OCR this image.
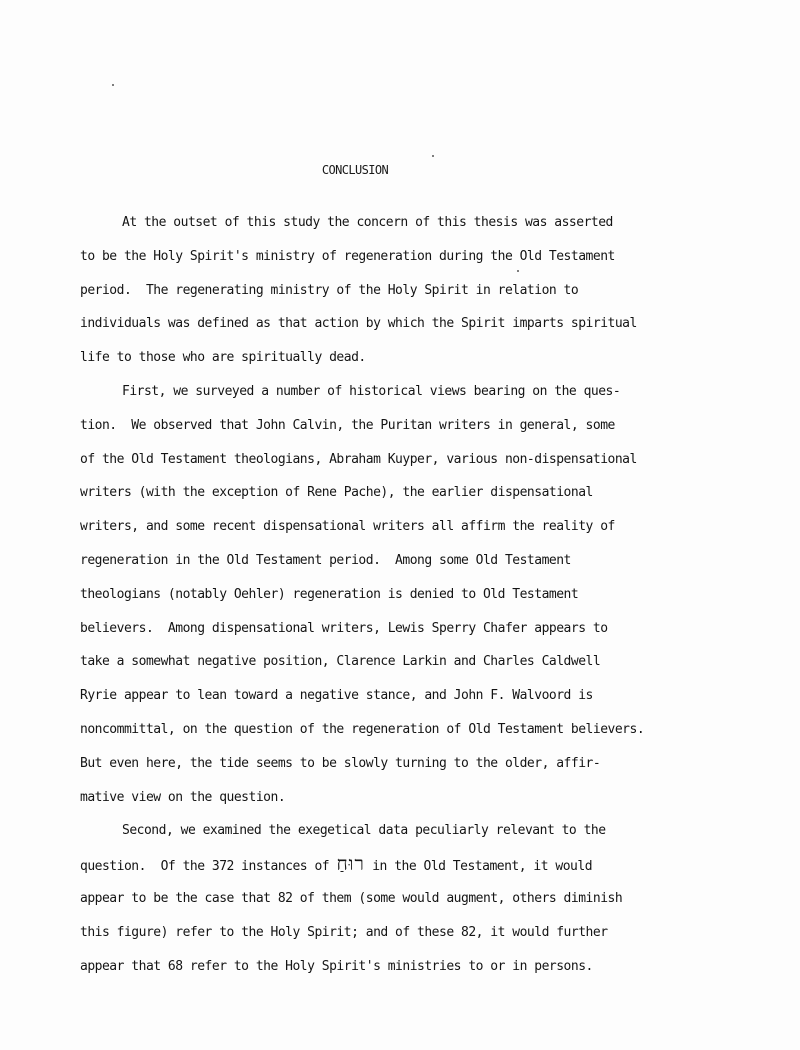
CONCLUSION
At the outset of this study the concern of this thesis was asserted
to be the Holy Spirit's ministry of regeneration during the Old Testament
period.  The regenerating ministry of the Holy Spirit in relation to
individuals was defined as that action by which the Spirit imparts spiritual
life to those who are spiritually dead.
First, we surveyed a number of historical views bearing on the ques-
tion.  We observed that John Calvin, the Puritan writers in general, some
of the Old Testament theologians, Abraham Kuyper, various non-dispensational
writers (with the exception of Rene Pache), the earlier dispensational
writers, and some recent dispensational writers all affirm the reality of
regeneration in the Old Testament period.  Among some Old Testament
theologians (notably Oehler) regeneration is denied to Old Testament
believers.  Among dispensational writers, Lewis Sperry Chafer appears to
take a somewhat negative position, Clarence Larkin and Charles Caldwell
Ryrie appear to lean toward a negative stance, and John F. Walvoord is
noncommittal, on the question of the regeneration of Old Testament believers.
But even here, the tide seems to be slowly turning to the older, affir-
mative view on the question.
Second, we examined the exegetical data peculiarly relevant to the
question.  Of the 372 instances of רוּחַ in the Old Testament, it would
appear to be the case that 82 of them (some would augment, others diminish
this figure) refer to the Holy Spirit; and of these 82, it would further
appear that 68 refer to the Holy Spirit's ministries to or in persons.
